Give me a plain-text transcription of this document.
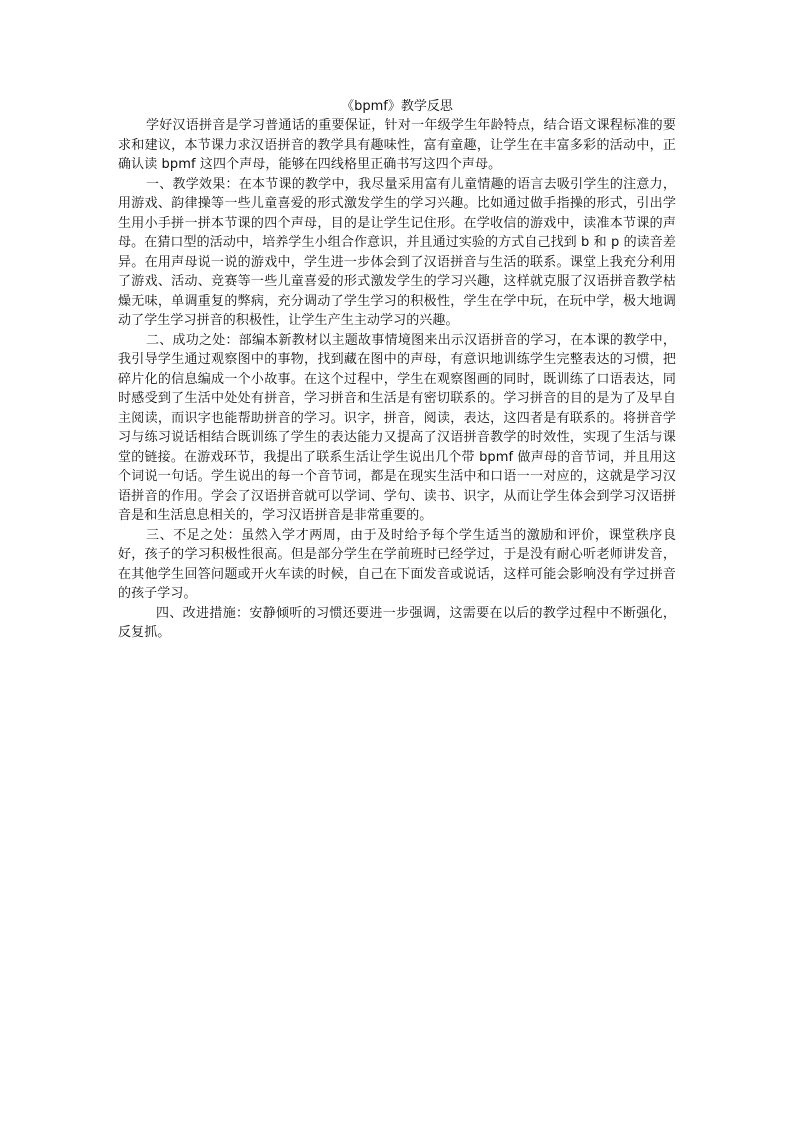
《bpmf》教学反思

学好汉语拼音是学习普通话的重要保证，针对一年级学生年龄特点，结合语文课程标准的要求和建议，本节课力求汉语拼音的教学具有趣味性，富有童趣，让学生在丰富多彩的活动中，正确认读 bpmf 这四个声母，能够在四线格里正确书写这四个声母。

一、教学效果：在本节课的教学中，我尽量采用富有儿童情趣的语言去吸引学生的注意力，用游戏、韵律操等一些儿童喜爱的形式激发学生的学习兴趣。比如通过做手指操的形式，引出学生用小手拼一拼本节课的四个声母，目的是让学生记住形。在学收信的游戏中，读准本节课的声母。在猜口型的活动中，培养学生小组合作意识，并且通过实验的方式自己找到 b 和 p 的读音差异。在用声母说一说的游戏中，学生进一步体会到了汉语拼音与生活的联系。课堂上我充分利用了游戏、活动、竞赛等一些儿童喜爱的形式激发学生的学习兴趣，这样就克服了汉语拼音教学枯燥无味，单调重复的弊病，充分调动了学生学习的积极性，学生在学中玩，在玩中学，极大地调动了学生学习拼音的积极性，让学生产生主动学习的兴趣。

二、成功之处：部编本新教材以主题故事情境图来出示汉语拼音的学习，在本课的教学中，我引导学生通过观察图中的事物，找到藏在图中的声母，有意识地训练学生完整表达的习惯，把碎片化的信息编成一个小故事。在这个过程中，学生在观察图画的同时，既训练了口语表达，同时感受到了生活中处处有拼音，学习拼音和生活是有密切联系的。学习拼音的目的是为了及早自主阅读，而识字也能帮助拼音的学习。识字，拼音，阅读，表达，这四者是有联系的。将拼音学习与练习说话相结合既训练了学生的表达能力又提高了汉语拼音教学的时效性，实现了生活与课堂的链接。在游戏环节，我提出了联系生活让学生说出几个带 bpmf 做声母的音节词，并且用这个词说一句话。学生说出的每一个音节词，都是在现实生活中和口语一一对应的，这就是学习汉语拼音的作用。学会了汉语拼音就可以学词、学句、读书、识字，从而让学生体会到学习汉语拼音是和生活息息相关的，学习汉语拼音是非常重要的。

三、不足之处：虽然入学才两周，由于及时给予每个学生适当的激励和评价，课堂秩序良好，孩子的学习积极性很高。但是部分学生在学前班时已经学过，于是没有耐心听老师讲发音，在其他学生回答问题或开火车读的时候，自己在下面发音或说话，这样可能会影响没有学过拼音的孩子学习。

四、改进措施：安静倾听的习惯还要进一步强调，这需要在以后的教学过程中不断强化，反复抓。
